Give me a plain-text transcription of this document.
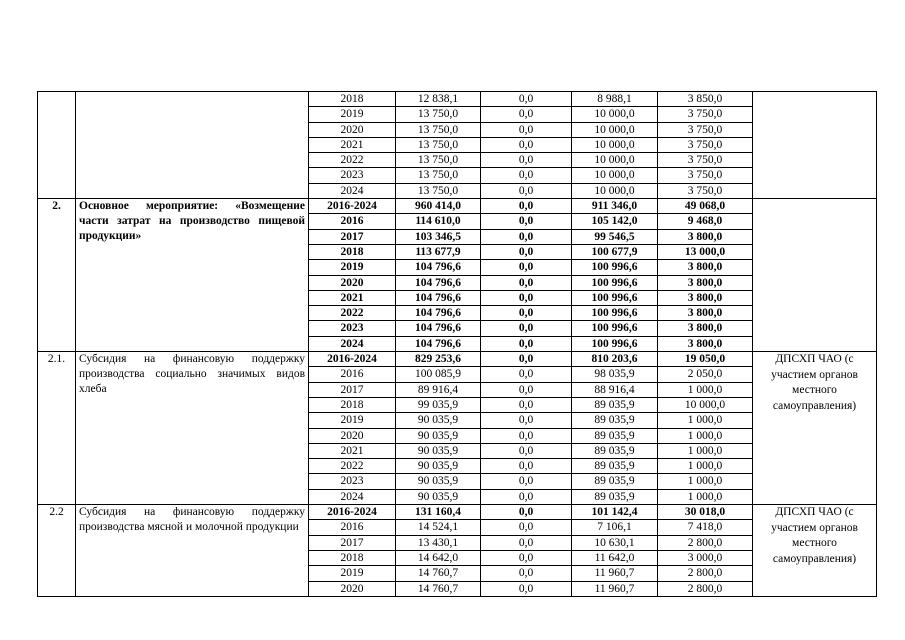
		2018	12 838,1	0,0	8 988,1	3 850,0	
		2019	13 750,0	0,0	10 000,0	3 750,0	
		2020	13 750,0	0,0	10 000,0	3 750,0	
		2021	13 750,0	0,0	10 000,0	3 750,0	
		2022	13 750,0	0,0	10 000,0	3 750,0	
		2023	13 750,0	0,0	10 000,0	3 750,0	
		2024	13 750,0	0,0	10 000,0	3 750,0	
2.	Основное мероприятие: «Возмещение части затрат на производство пищевой продукции»	2016-2024	960 414,0	0,0	911 346,0	49 068,0	
		2016	114 610,0	0,0	105 142,0	9 468,0	
		2017	103 346,5	0,0	99 546,5	3 800,0	
		2018	113 677,9	0,0	100 677,9	13 000,0	
		2019	104 796,6	0,0	100 996,6	3 800,0	
		2020	104 796,6	0,0	100 996,6	3 800,0	
		2021	104 796,6	0,0	100 996,6	3 800,0	
		2022	104 796,6	0,0	100 996,6	3 800,0	
		2023	104 796,6	0,0	100 996,6	3 800,0	
		2024	104 796,6	0,0	100 996,6	3 800,0	
2.1.	Субсидия на финансовую поддержку производства социально значимых видов хлеба	2016-2024	829 253,6	0,0	810 203,6	19 050,0	ДПСХП ЧАО (с участием органов местного самоуправления)
		2016	100 085,9	0,0	98 035,9	2 050,0	
		2017	89 916,4	0,0	88 916,4	1 000,0	
		2018	99 035,9	0,0	89 035,9	10 000,0	
		2019	90 035,9	0,0	89 035,9	1 000,0	
		2020	90 035,9	0,0	89 035,9	1 000,0	
		2021	90 035,9	0,0	89 035,9	1 000,0	
		2022	90 035,9	0,0	89 035,9	1 000,0	
		2023	90 035,9	0,0	89 035,9	1 000,0	
		2024	90 035,9	0,0	89 035,9	1 000,0	
2.2	Субсидия на финансовую поддержку производства мясной и молочной продукции	2016-2024	131 160,4	0,0	101 142,4	30 018,0	ДПСХП ЧАО (с участием органов местного самоуправления)
		2016	14 524,1	0,0	7 106,1	7 418,0	
		2017	13 430,1	0,0	10 630,1	2 800,0	
		2018	14 642,0	0,0	11 642,0	3 000,0	
		2019	14 760,7	0,0	11 960,7	2 800,0	
		2020	14 760,7	0,0	11 960,7	2 800,0	
